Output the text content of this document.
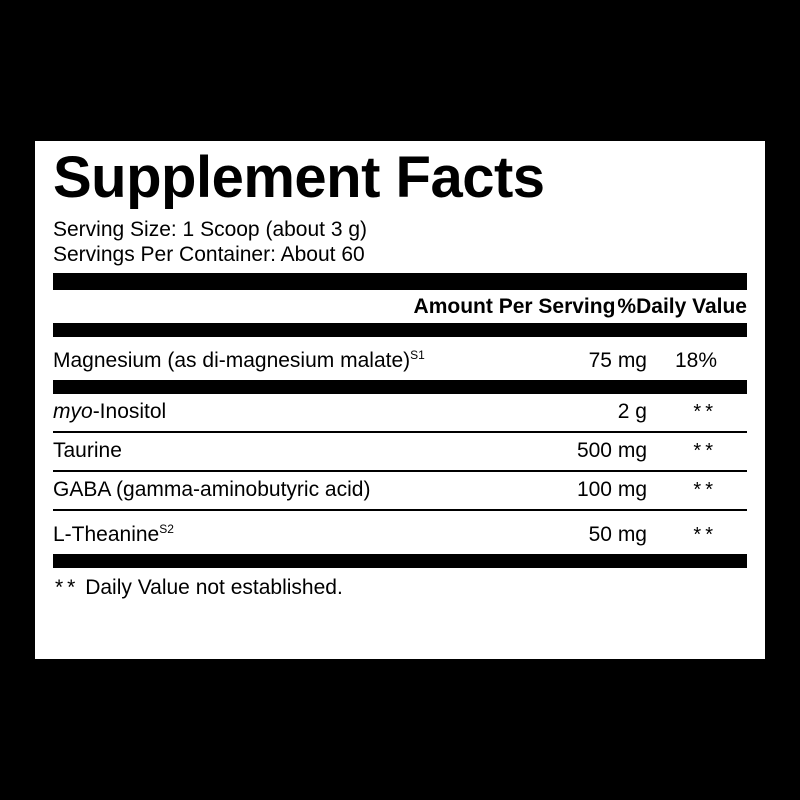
Supplement Facts
Serving Size: 1 Scoop (about 3 g)
Servings Per Container: About 60
Amount Per Serving %Daily Value
Magnesium (as di-magnesium malate)$^{S1}$	75 mg	18%
myo-Inositol	2 g	**
Taurine	500 mg	**
GABA (gamma-aminobutyric acid)	100 mg	**
L-Theanine$^{S2}$	50 mg	**
** Daily Value not established.
